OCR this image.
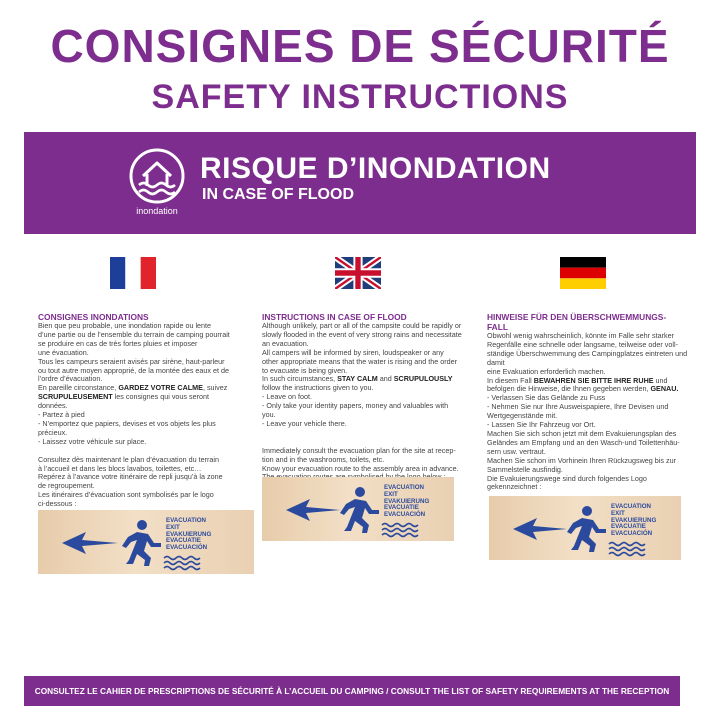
CONSIGNES DE SÉCURITÉ
SAFETY INSTRUCTIONS
inondation
RISQUE D’INONDATION
IN CASE OF FLOOD
CONSIGNES INONDATIONS

Bien que peu probable, une inondation rapide ou lente
d’une partie ou de l’ensemble du terrain de camping pourrait
se produire en cas de très fortes pluies et imposer
une évacuation.
Tous les campeurs seraient avisés par sirène, haut-parleur
ou tout autre moyen approprié, de la montée des eaux et de
l’ordre d’évacuation.
En pareille circonstance, GARDEZ VOTRE CALME, suivez
SCRUPULEUSEMENT les consignes qui vous seront
données.
- Partez à pied
- N’emportez que papiers, devises et vos objets les plus
précieux.
- Laissez votre véhicule sur place.

Consultez dès maintenant le plan d’évacuation du terrain
à l’accueil et dans les blocs lavabos, toilettes, etc…
Repérez à l’avance votre itinéraire de repli jusqu’à la zone
de regroupement.
Les itinéraires d’évacuation sont symbolisés par le logo
ci-dessous :

INSTRUCTIONS IN CASE OF FLOOD

Although unlikely, part or all of the campsite could be rapidly or
slowly flooded in the event of very strong rains and necessitate
an evacuation.
All campers will be informed by siren, loudspeaker or any
other appropriate means that the water is rising and the order
to evacuate is being given.
In such circumstances, STAY CALM and SCRUPULOUSLY
follow the instructions given to you.
- Leave on foot.
- Only take your identity papers, money and valuables with
you.
- Leave your vehicle there.

Immediately consult the evacuation plan for the site at recep-
tion and in the washrooms, toilets, etc.
Know your evacuation route to the assembly area in advance.

HINWEISE FÜR DEN ÜBERSCHWEMMUNGS-
FALL

Obwohl wenig wahrscheinlich, könnte im Falle sehr starker
Regenfälle eine schnelle oder langsame, teilweise oder voll-
ständige Überschwemmung des Campingplatzes eintreten und
damit
eine Evakuation erforderlich machen.
In diesem Fall BEWAHREN SIE BITTE IHRE RUHE und
befolgen die Hinweise, die Ihnen gegeben werden, GENAU.
- Verlassen Sie das Gelände zu Fuss
- Nehmen Sie nur Ihre Ausweispapiere, Ihre Devisen und
Wertgegenstände mit.
- Lassen Sie Ihr Fahrzeug vor Ort.
Machen Sie sich schon jetzt mit dem Evakuierungsplan des
Geländes am Empfang und an den Wasch-und Toilettenhäu-
sern usw. vertraut.
Machen Sie schon im Vorhinein Ihren Rückzugsweg bis zur
Sammelstelle ausfindig.
Die Evakuierungswege sind durch folgendes Logo
gekennzeichnet :

EVACUATION
EXIT
EVAKUIERUNG
EVACUATIE
EVACUACIÓN
EVACUATION
EXIT
EVAKUIERUNG
EVACUATIE
EVACUACIÓN
EVACUATION
EXIT
EVAKUIERUNG
EVACUATIE
EVACUACIÓN
CONSULTEZ LE CAHIER DE PRESCRIPTIONS DE SÉCURITÉ À L’ACCUEIL DU CAMPING / CONSULT THE LIST OF SAFETY REQUIREMENTS AT THE RECEPTION
